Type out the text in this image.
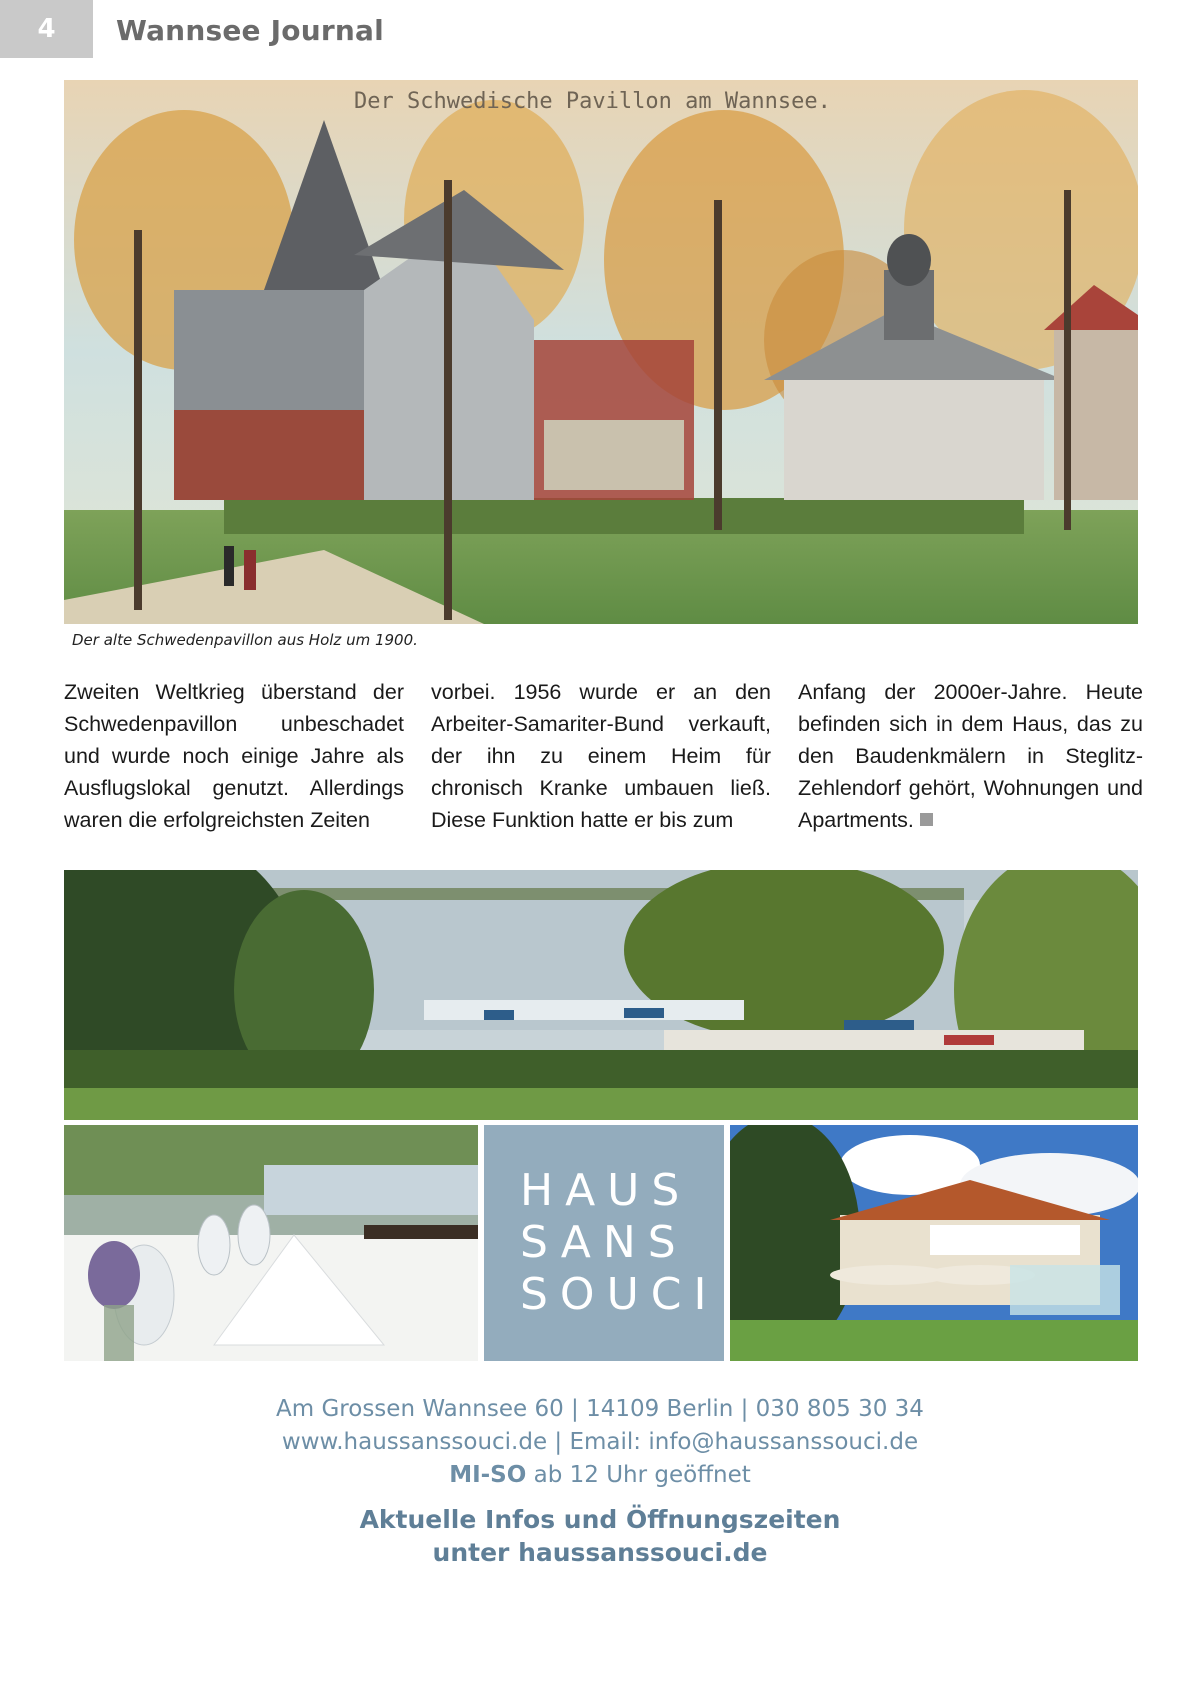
4	Wannsee Journal
Der Schwedische Pavillon am Wannsee.
Der alte Schwedenpavillon aus Holz um 1900.

Zweiten Weltkrieg überstand der Schwedenpavillon unbeschadet und wurde noch einige Jahre als Ausflugslokal genutzt. Allerdings waren die erfolgreichsten Zeiten

vorbei. 1956 wurde er an den Arbeiter-Samariter-Bund verkauft, der ihn zu einem Heim für chronisch Kranke umbauen ließ. Diese Funktion hatte er bis zum

Anfang der 2000er-Jahre. Heute befinden sich in dem Haus, das zu den Baudenkmälern in Steglitz-Zehlendorf gehört, Wohnungen und Apartments.

HAUS
SANS
SOUCI
Am Grossen Wannsee 60 | 14109 Berlin | 030 805 30 34
www.haussanssouci.de | Email: info@haussanssouci.de
MI-SO ab 12 Uhr geöffnet
Aktuelle Infos und Öffnungszeiten
unter haussanssouci.de
